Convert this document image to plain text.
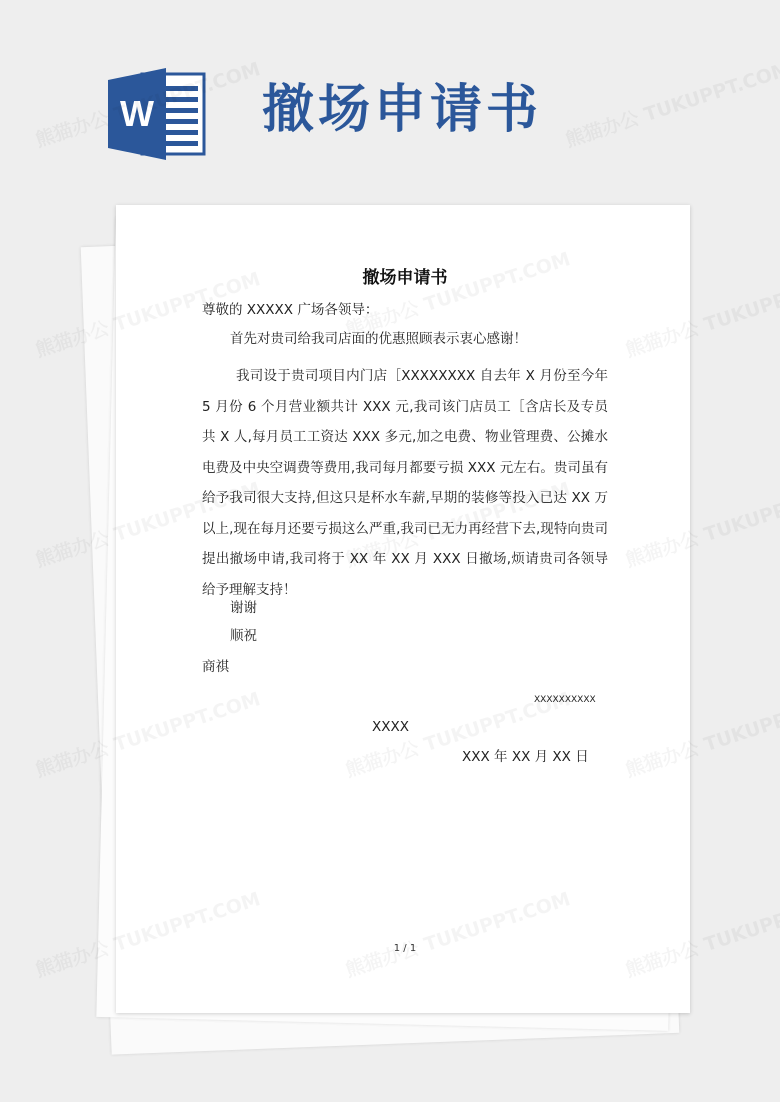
W 撤场申请书
撤场申请书
尊敬的 XXXXX 广场各领导：
首先对贵司给我司店面的优惠照顾表示衷心感谢！
我司设于贵司项目内门店［XXXXXXXX 自去年 X 月份至今年 5 月份 6 个月营业额共计 XXX 元,我司该门店员工［含店长及专员共 X 人,每月员工工资达 XXX 多元,加之电费、物业管理费、公摊水电费及中央空调费等费用,我司每月都要亏损 XXX 元左右。贵司虽有给予我司很大支持,但这只是杯水车薪,早期的装修等投入已达 XX 万以上,现在每月还要亏损这么严重,我司已无力再经营下去,现特向贵司提出撤场申请,我司将于 XX 年 XX 月 XXX 日撤场,烦请贵司各领导给予理解支持！
谢谢
顺祝
商祺
XXXXXXXXXX
XXXX
XXX 年 XX 月 XX 日
1 / 1
